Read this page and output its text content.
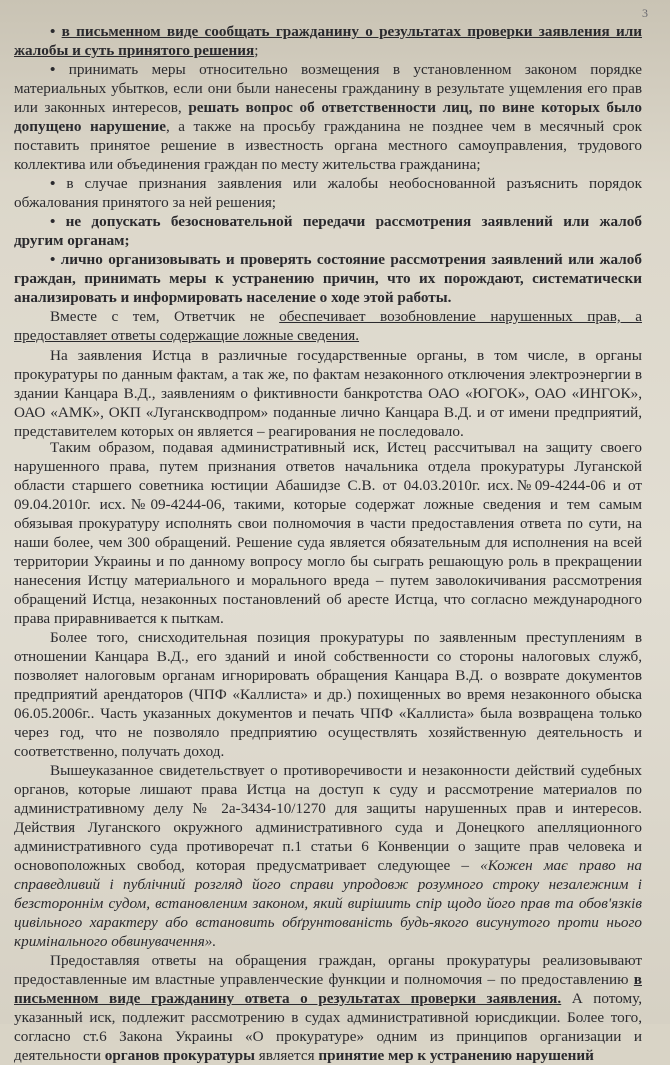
3

• в письменном виде сообщать гражданину о результатах проверки заявления или жалобы и суть принятого решения;

• принимать меры относительно возмещения в установленном законом порядке материальных убытков, если они были нанесены гражданину в результате ущемления его прав или законных интересов, решать вопрос об ответственности лиц, по вине которых было допущено нарушение, а также на просьбу гражданина не позднее чем в месячный срок поставить принятое решение в известность органа местного самоуправления, трудового коллектива или объединения граждан по месту жительства гражданина;

• в случае признания заявления или жалобы необоснованной разъяснить порядок обжалования принятого за ней решения;

• не допускать безосновательной передачи рассмотрения заявлений или жалоб другим органам;

• лично организовывать и проверять состояние рассмотрения заявлений или жалоб граждан, принимать меры к устранению причин, что их порождают, систематически анализировать и информировать население о ходе этой работы.

Вместе с тем, Ответчик не обеспечивает возобновление нарушенных прав, а предоставляет ответы содержащие ложные сведения.

На заявления Истца в различные государственные органы, в том числе, в органы прокуратуры по данным фактам, а так же, по фактам незаконного отключения электроэнергии в здании Канцара В.Д., заявлениям о фиктивности банкротства ОАО «ЮГОК», ОАО «ИНГОК», ОАО «АМК», ОКП «Луганскводпром» поданные лично Канцара В.Д. и от имени предприятий, представителем которых он является – реагирования не последовало.

Таким образом, подавая административный иск, Истец рассчитывал на защиту своего нарушенного права, путем признания ответов начальника отдела прокуратуры Луганской области старшего советника юстиции Абашидзе С.В. от 04.03.2010г. исх.№09-4244-06 и от 09.04.2010г. исх.№09-4244-06, такими, которые содержат ложные сведения и тем самым обязывая прокуратуру исполнять свои полномочия в части предоставления ответа по сути, на наши более, чем 300 обращений. Решение суда является обязательным для исполнения на всей территории Украины и по данному вопросу могло бы сыграть решающую роль в прекращении нанесения Истцу материального и морального вреда – путем заволокичивания рассмотрения обращений Истца, незаконных постановлений об аресте Истца, что согласно международного права приравнивается к пыткам.

Более того, снисходительная позиция прокуратуры по заявленным преступлениям в отношении Канцара В.Д., его зданий и иной собственности со стороны налоговых служб, позволяет налоговым органам игнорировать обращения Канцара В.Д. о возврате документов предприятий арендаторов (ЧПФ «Каллиста» и др.) похищенных во время незаконного обыска 06.05.2006г.. Часть указанных документов и печать ЧПФ «Каллиста» была возвращена только через год, что не позволяло предприятию осуществлять хозяйственную деятельность и соответственно, получать доход.

Вышеуказанное свидетельствует о противоречивости и незаконности действий судебных органов, которые лишают права Истца на доступ к суду и рассмотрение материалов по административному делу № 2а-3434-10/1270 для защиты нарушенных прав и интересов. Действия Луганского окружного административного суда и Донецкого апелляционного административного суда противоречат п.1 статьи 6 Конвенции о защите прав человека и основоположных свобод, которая предусматривает следующее – «Кожен має право на справедливий і публічний розгляд його справи упродовж розумного строку незалежним і безстороннім судом, встановленим законом, який вирішить спір щодо його прав та обов'язків цивільного характеру або встановить обґрунтованість будь-якого висунутого проти нього кримінального обвинувачення».

Предоставляя ответы на обращения граждан, органы прокуратуры реализовывают предоставленные им властные управленческие функции и полномочия – по предоставлению в письменном виде гражданину ответа о результатах проверки заявления. А потому, указанный иск, подлежит рассмотрению в судах административной юрисдикции. Более того, согласно ст.6 Закона Украины «О прокуратуре» одним из принципов организации и деятельности органов прокуратуры является принятие мер к устранению нарушений
